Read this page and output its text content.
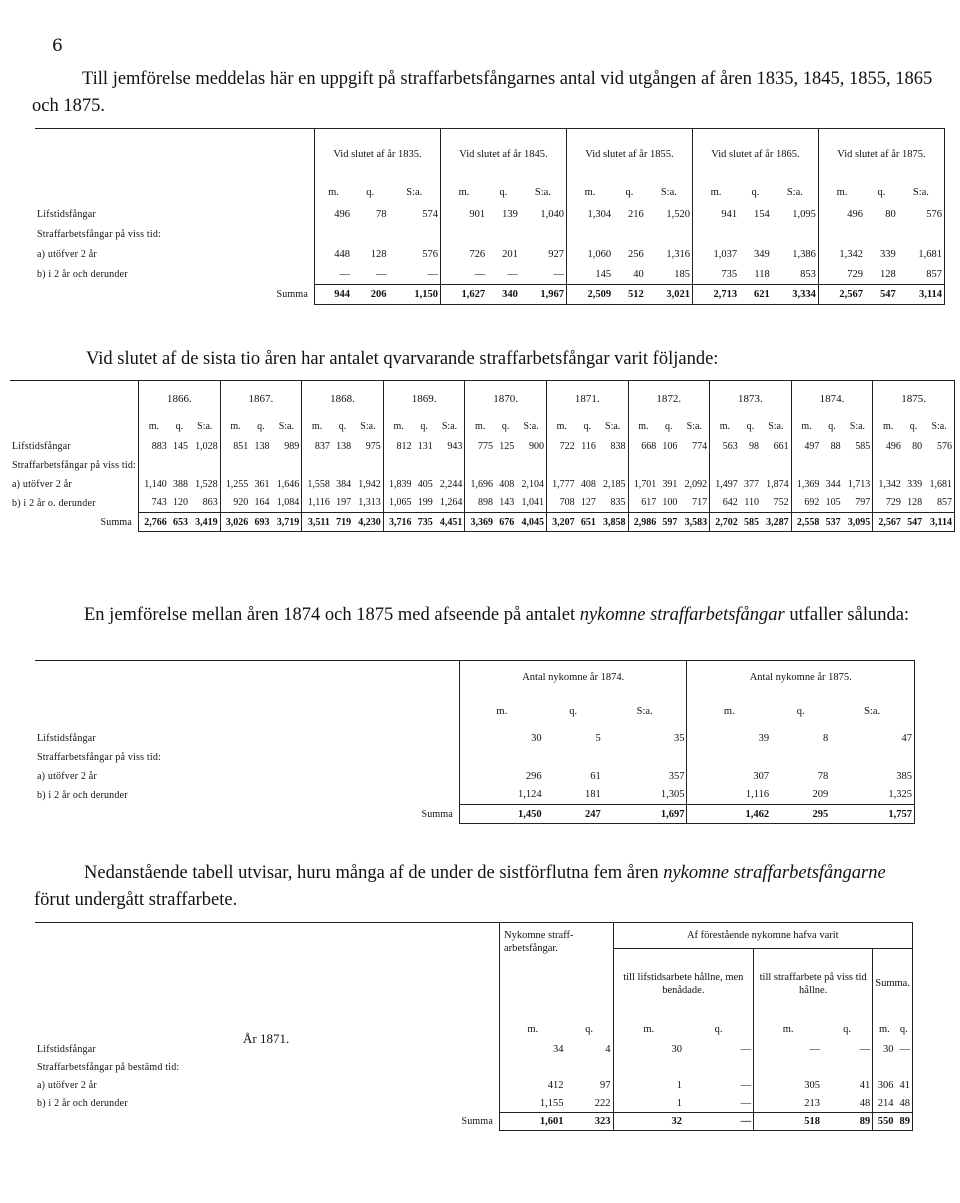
6
Till jemförelse meddelas här en uppgift på straffarbetsfångarnes antal vid utgången af åren 1835, 1845, 1855, 1865 och 1875.
	Vid slutet af år 1835.			Vid slutet af år 1845.			Vid slutet af år 1855.			Vid slutet af år 1865.			Vid slutet af år 1875.		
	m.	q.	S:a.	m.	q.	S:a.	m.	q.	S:a.	m.	q.	S:a.	m.	q.	S:a.
Lifstidsfångar	496	78	574	901	139	1,040	1,304	216	1,520	941	154	1,095	496	80	576
Straffarbetsfångar på viss tid:															
a) utöfver 2 år	448	128	576	726	201	927	1,060	256	1,316	1,037	349	1,386	1,342	339	1,681
b) i 2 år och derunder	—	—	—	—	—	—	145	40	185	735	118	853	729	128	857
Summa	944	206	1,150	1,627	340	1,967	2,509	512	3,021	2,713	621	3,334	2,567	547	3,114
Vid slutet af de sista tio åren har antalet qvarvarande straffarbetsfångar varit följande:
	1866.			1867.			1868.			1869.			1870.			1871.			1872.			1873.			1874.			1875.		
	m.	q.	S:a.	m.	q.	S:a.	m.	q.	S:a.	m.	q.	S:a.	m.	q.	S:a.	m.	q.	S:a.	m.	q.	S:a.	m.	q.	S:a.	m.	q.	S:a.	m.	q.	S:a.
Lifstidsfångar	883	145	1,028	851	138	989	837	138	975	812	131	943	775	125	900	722	116	838	668	106	774	563	98	661	497	88	585	496	80	576
Straffarbetsfångar på viss tid:																														
a) utöfver 2 år	1,140	388	1,528	1,255	361	1,646	1,558	384	1,942	1,839	405	2,244	1,696	408	2,104	1,777	408	2,185	1,701	391	2,092	1,497	377	1,874	1,369	344	1,713	1,342	339	1,681
b) i 2 år o. derunder	743	120	863	920	164	1,084	1,116	197	1,313	1,065	199	1,264	898	143	1,041	708	127	835	617	100	717	642	110	752	692	105	797	729	128	857
Summa	2,766	653	3,419	3,026	693	3,719	3,511	719	4,230	3,716	735	4,451	3,369	676	4,045	3,207	651	3,858	2,986	597	3,583	2,702	585	3,287	2,558	537	3,095	2,567	547	3,114
En jemförelse mellan åren 1874 och 1875 med afseende på antalet nykomne straffarbetsfångar utfaller sålunda:
	Antal nykomne år 1874.			Antal nykomne år 1875.		
	m.	q.	S:a.	m.	q.	S:a.
Lifstidsfångar	30	5	35	39	8	47
Straffarbetsfångar på viss tid:						
a) utöfver 2 år	296	61	357	307	78	385
b) i 2 år och derunder	1,124	181	1,305	1,116	209	1,325
Summa	1,450	247	1,697	1,462	295	1,757
Nedanstående tabell utvisar, huru många af de under de sistförflutna fem åren nykomne straffarbetsfångarne förut undergått straffarbete.
	Nykomne straff-arbetsfångar.		Af förestående nykomne hafva varit					
			till lifstidsarbete hållne, men benådade.		till straffarbete på viss tid hållne.		Summa.	

År 1871.	m.	q.	m.	q.	m.	q.	m.	q.
Lifstidsfångar	34	4	30	—	—	—	30	—
Straffarbetsfångar på bestämd tid:								
a) utöfver 2 år	412	97	1	—	305	41	306	41
b) i 2 år och derunder	1,155	222	1	—	213	48	214	48
Summa	1,601	323	32	—	518	89	550	89
